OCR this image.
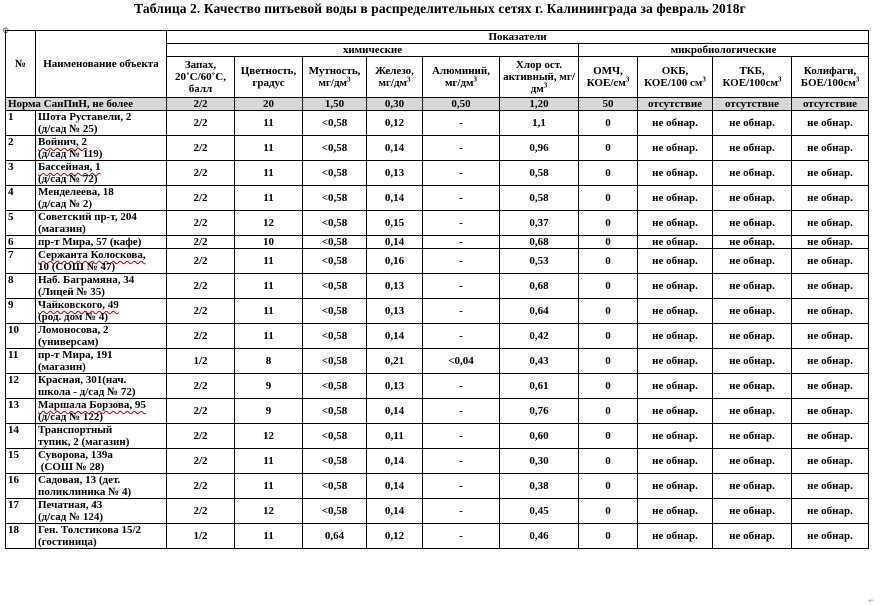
Таблица 2. Качество питьевой воды в распределительных сетях г. Калининграда за февраль 2018г
⊕
№	Наименование объекта	Показатели									
		химические						микробиологические			
		Запах, 20˚С/60˚С, балл	Цветность, градус	Мутность, $мг/дм^3$	Железо, $мг/дм^3$	Алюминий, $мг/дм^3$	Хлор ост. активный, $мг/дм^3$	ОМЧ, КОЕ/$см^3$	ОКБ, КОЕ/100 $см^3$	ТКБ, КОЕ/$100см^3$	Колифаги, БОЕ/$100см^3$
Норма СанПиН, не более		2/2	20	1,50	0,30	0,50	1,20	50	отсутствие	отсутствие	отсутствие
1	Шота Руставели, 2
(д/сад № 25)	2/2	11	<0,58	0,12	-	1,1	0	не обнар.	не обнар.	не обнар.
2	Войнич, 2
(д/сад № 119)	2/2	11	<0,58	0,14	-	0,96	0	не обнар.	не обнар.	не обнар.
3	Бассейная, 1
(д/сад № 72)	2/2	11	<0,58	0,13	-	0,58	0	не обнар.	не обнар.	не обнар.
4	Менделеева, 18
(д/сад № 2)	2/2	11	<0,58	0,14	-	0,58	0	не обнар.	не обнар.	не обнар.
5	Советский пр-т, 204
(магазин)	2/2	12	<0,58	0,15	-	0,37	0	не обнар.	не обнар.	не обнар.
6	пр-т Мира, 57 (кафе)	2/2	10	<0,58	0,14	-	0,68	0	не обнар.	не обнар.	не обнар.
7	Сержанта Колоскова,
10 (СОШ № 47)	2/2	11	<0,58	0,16	-	0,53	0	не обнар.	не обнар.	не обнар.
8	Наб. Баграмяна, 34
(Лицей № 35)	2/2	11	<0,58	0,13	-	0,68	0	не обнар.	не обнар.	не обнар.
9	Чайковского, 49
(род. дом № 4)	2/2	11	<0,58	0,13	-	0,64	0	не обнар.	не обнар.	не обнар.
10	Ломоносова, 2
(универсам)	2/2	11	<0,58	0,14	-	0,42	0	не обнар.	не обнар.	не обнар.
11	пр-т Мира, 191
(магазин)	1/2	8	<0,58	0,21	<0,04	0,43	0	не обнар.	не обнар.	не обнар.
12	Красная, 301(нач.
школа - д/сад № 72)	2/2	9	<0,58	0,13	-	0,61	0	не обнар.	не обнар.	не обнар.
13	Маршала Борзова, 95
(д/сад № 122)	2/2	9	<0,58	0,14	-	0,76	0	не обнар.	не обнар.	не обнар.
14	Транспортный
тупик, 2 (магазин)	2/2	12	<0,58	0,11	-	0,60	0	не обнар.	не обнар.	не обнар.
15	Суворова, 139а
(СОШ № 28)	2/2	11	<0,58	0,14	-	0,30	0	не обнар.	не обнар.	не обнар.
16	Садовая, 13 (дет.
поликлиника № 4)	2/2	11	<0,58	0,14	-	0,38	0	не обнар.	не обнар.	не обнар.
17	Печатная, 43
(д/сад № 124)	2/2	12	<0,58	0,14	-	0,45	0	не обнар.	не обнар.	не обнар.
18	Ген. Толстикова 15/2
(гостиница)	1/2	11	0,64	0,12	-	0,46	0	не обнар.	не обнар.	не обнар.
⌐
